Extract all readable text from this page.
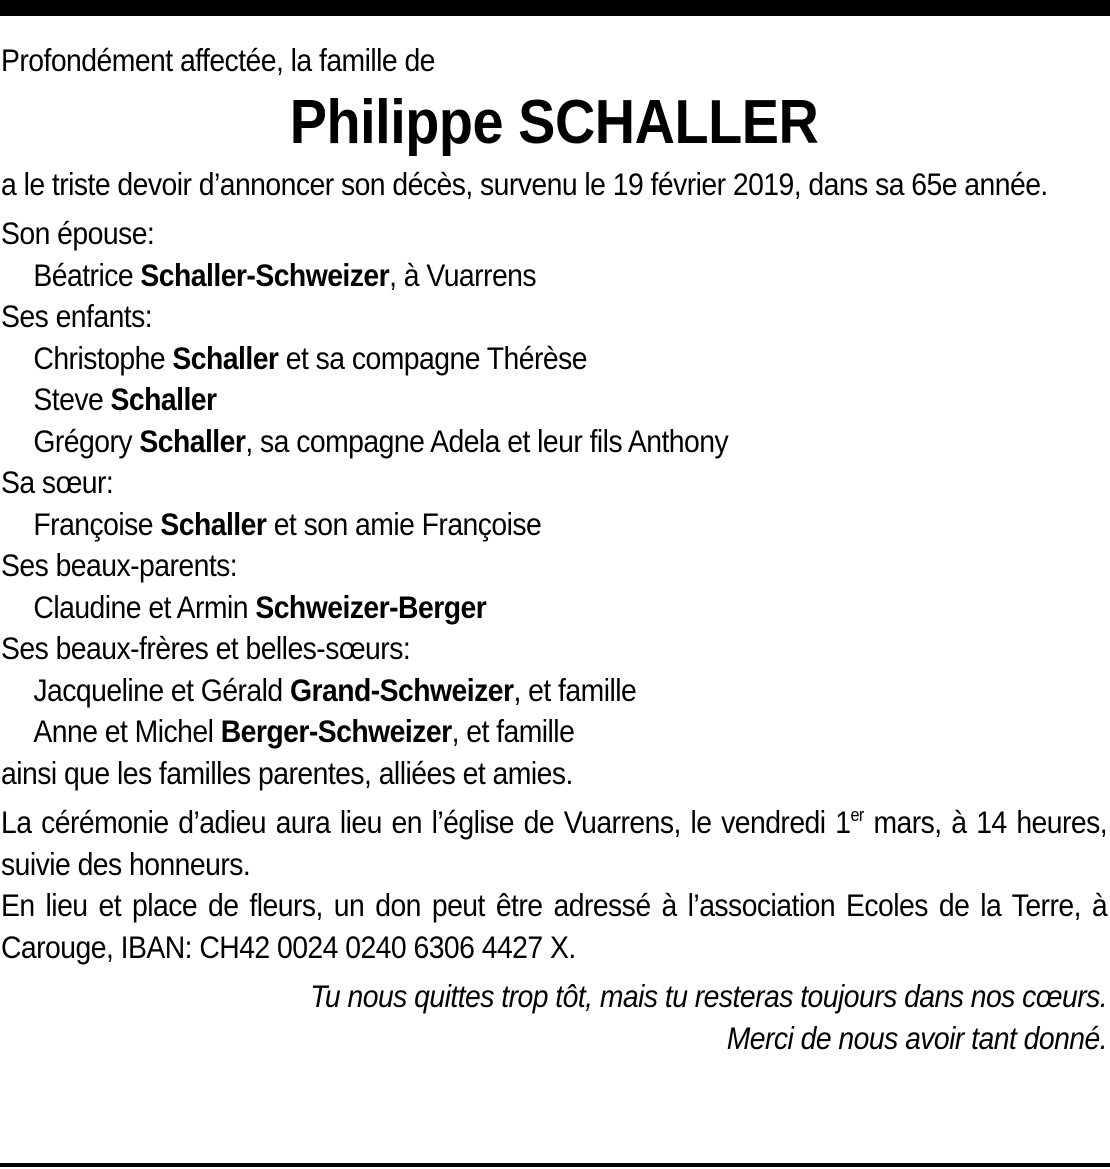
Profondément affectée, la famille de
Philippe SCHALLER
a le triste devoir d’annoncer son décès, survenu le 19 février 2019, dans sa 65e année.
Son épouse:
Béatrice Schaller-Schweizer, à Vuarrens
Ses enfants:
Christophe Schaller et sa compagne Thérèse
Steve Schaller
Grégory Schaller, sa compagne Adela et leur fils Anthony
Sa sœur:
Françoise Schaller et son amie Françoise
Ses beaux-parents:
Claudine et Armin Schweizer-Berger
Ses beaux-frères et belles-sœurs:
Jacqueline et Gérald Grand-Schweizer, et famille
Anne et Michel Berger-Schweizer, et famille
ainsi que les familles parentes, alliées et amies.
La cérémonie d’adieu aura lieu en l’église de Vuarrens, le vendredi 1er mars, à 14 heures, suivie des honneurs.
En lieu et place de fleurs, un don peut être adressé à l’association Ecoles de la Terre, à Carouge, IBAN: CH42 0024 0240 6306 4427 X.
Tu nous quittes trop tôt, mais tu resteras toujours dans nos cœurs.
Merci de nous avoir tant donné.
